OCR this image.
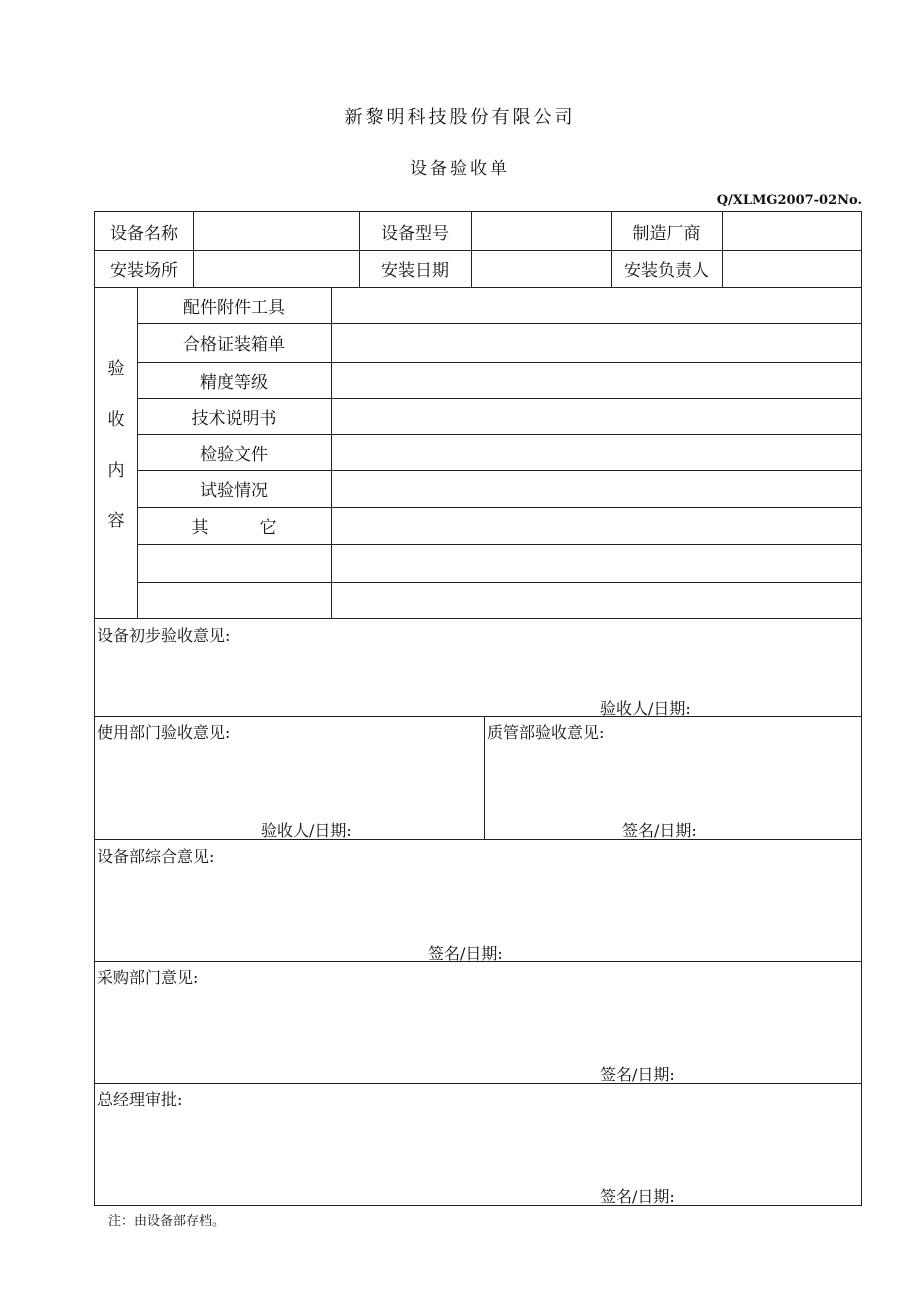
新黎明科技股份有限公司
设备验收单
Q/XLMG2007-02No.
设备名称	设备型号	制造厂商
安装场所	安装日期	安装负责人
验
收
内
容
配件附件工具
合格证装箱单
精度等级
技术说明书
检验文件
试验情况
其　　　它
设备初步验收意见:
验收人/日期:
使用部门验收意见:
验收人/日期:
质管部验收意见:
签名/日期:
设备部综合意见:
签名/日期:
采购部门意见:
签名/日期:
总经理审批:
签名/日期:
注：由设备部存档。
